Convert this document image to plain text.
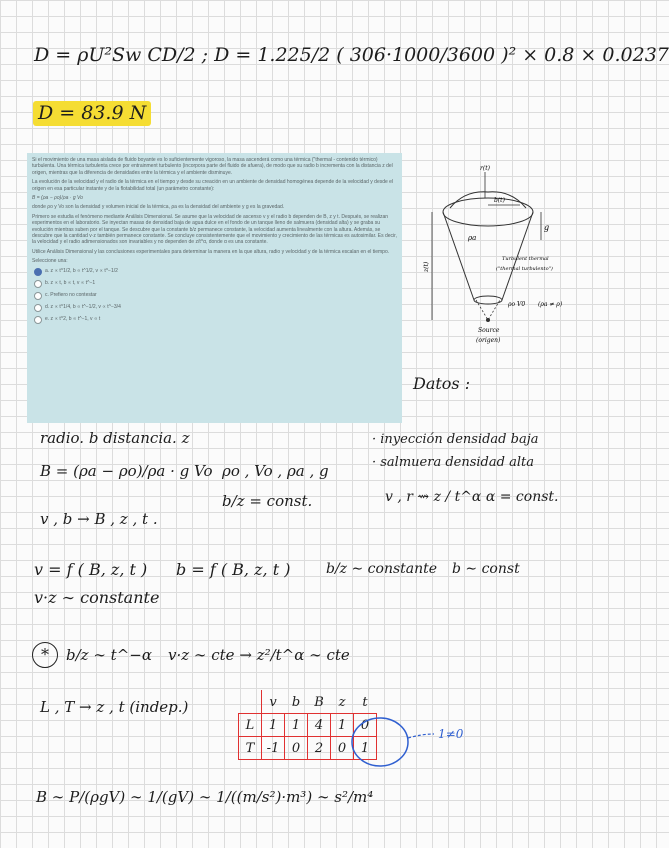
D = ρU²Sw CD/2 ; D = 1.225/2 ( 306·1000/3600 )² × 0.8 × 0.0237
D = 83.9 N

Si el movimiento de una masa aislada de fluido boyante es lo suficientemente vigoroso, la masa ascenderá como una térmica ("thermal - contenido térmico) turbulenta. Una térmica turbulenta crece por entrainment turbulento (incorpora parte del fluido de afuera), de modo que su radio b incrementa con la distancia z del origen, mientras que la diferencia de densidades entre la térmica y el ambiente disminuye.

La evolución de la velocidad y el radio de la térmica en el tiempo y desde su creación en un ambiente de densidad homogénea depende de la velocidad y desde el origen en esa particular instante y de la flotabilidad total (un parámetro constante):

B = (ρa − ρo)/ρa · g Vo

donde ρo y Vo son la densidad y volumen inicial de la térmica, ρa es la densidad del ambiente y g es la gravedad.

Primero se estudia el fenómeno mediante Análisis Dimensional. Se asume que la velocidad de ascenso v y el radio b dependen de B, z y t. Después, se realizan experimentos en el laboratorio. Se inyectan masas de densidad baja de agua dulce en el fondo de un tanque lleno de salmuera (densidad alta) y se graba su evolución mientras suben por el tanque. Se descubre que la constante b/z permanece constante, la velocidad aumenta linealmente con la altura. Además, se descubre que la cantidad v·z también permanece constante. Se concluye consistentemente que el movimiento y crecimiento de las térmicas es autosimilar. Es decir, la velocidad y el radio adimensionados son invariables y no dependen de z/t^α, donde α es una constante.

Utilice Análisis Dimensional y las conclusiones experimentales para determinar la manera en la que altura, radio y velocidad y de la térmica escalan en el tiempo.

Seleccione una:

a. z ∝ t^1/2, b ∝ t^1/2, v ∝ t^−1/2
b. z ∝ t, b ∝ t, v ∝ t^−1
c. Prefiero no contestar
d. z ∝ t^1/4, b ∝ t^−1/2, v ∝ t^−3/4
e. z ∝ t^2, b ∝ t^−1, v ∝ t
r(t)
b(t)
g
ρa
Turbulent thermal
("thermal turbulento")
z(t)
ρo V0 (ρa ≠ ρ)
Source
(origen)
Datos :
radio. b distancia. z	· inyección densidad baja
B = (ρa − ρo)/ρa · g Vo ρo , Vo , ρa , g	· salmuera densidad alta
b/z = const.	v , r ⇝ z / t^α α = const.
v , b → B , z , t .
v = f ( B, z, t ) b = f ( B, z, t )	b/z ∼ constante b ∼ const
v·z ∼ constante
*	b/z ∼ t^−α v·z ∼ cte → z²/t^α ∼ cte
L , T → z , t (indep.)
		v	b	B	z	t
L	1	1	4	1	0
T	-1	0	2	0	1
1≠0
B ∼ P/(ρgV) ∼ 1/(gV) ∼ 1/((m/s²)·m³) ∼ s²/m⁴
